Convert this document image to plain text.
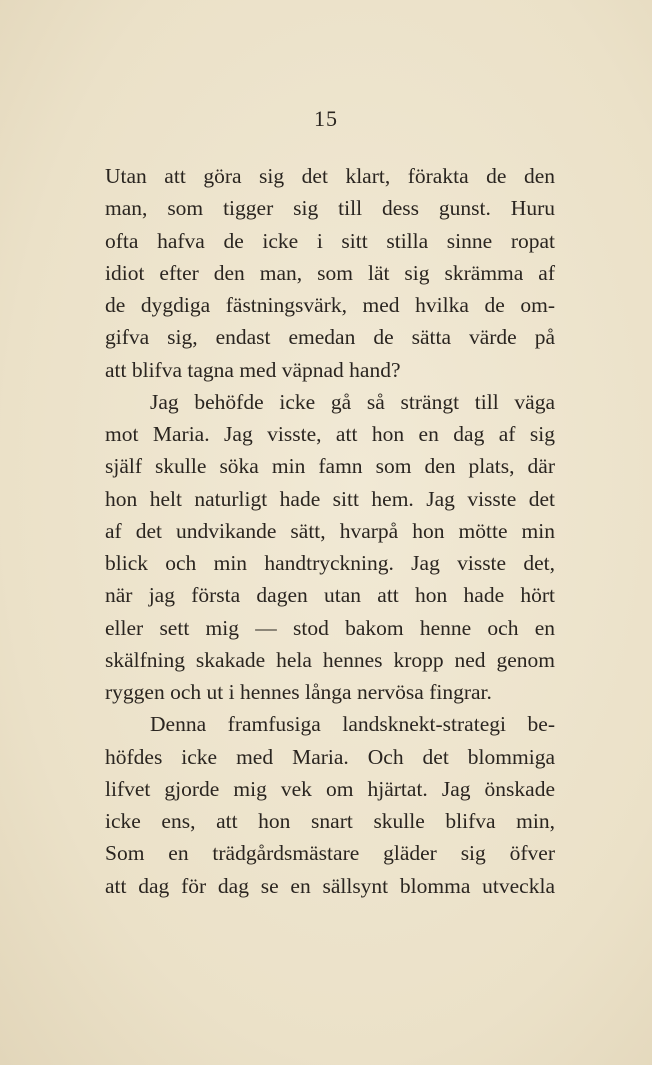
15
Utan att göra sig det klart, förakta de den
man, som tigger sig till dess gunst. Huru
ofta hafva de icke i sitt stilla sinne ropat
idiot efter den man, som lät sig skrämma af
de dygdiga fästningsvärk, med hvilka de om-
gifva sig, endast emedan de sätta värde på
att blifva tagna med väpnad hand?
Jag behöfde icke gå så strängt till väga
mot Maria. Jag visste, att hon en dag af sig
själf skulle söka min famn som den plats, där
hon helt naturligt hade sitt hem. Jag visste det
af det undvikande sätt, hvarpå hon mötte min
blick och min handtryckning. Jag visste det,
när jag första dagen utan att hon hade hört
eller sett mig — stod bakom henne och en
skälfning skakade hela hennes kropp ned genom
ryggen och ut i hennes långa nervösa fingrar.
Denna framfusiga landsknekt-strategi be-
höfdes icke med Maria. Och det blommiga
lifvet gjorde mig vek om hjärtat. Jag önskade
icke ens, att hon snart skulle blifva min,
Som en trädgårdsmästare gläder sig öfver
att dag för dag se en sällsynt blomma utveckla
